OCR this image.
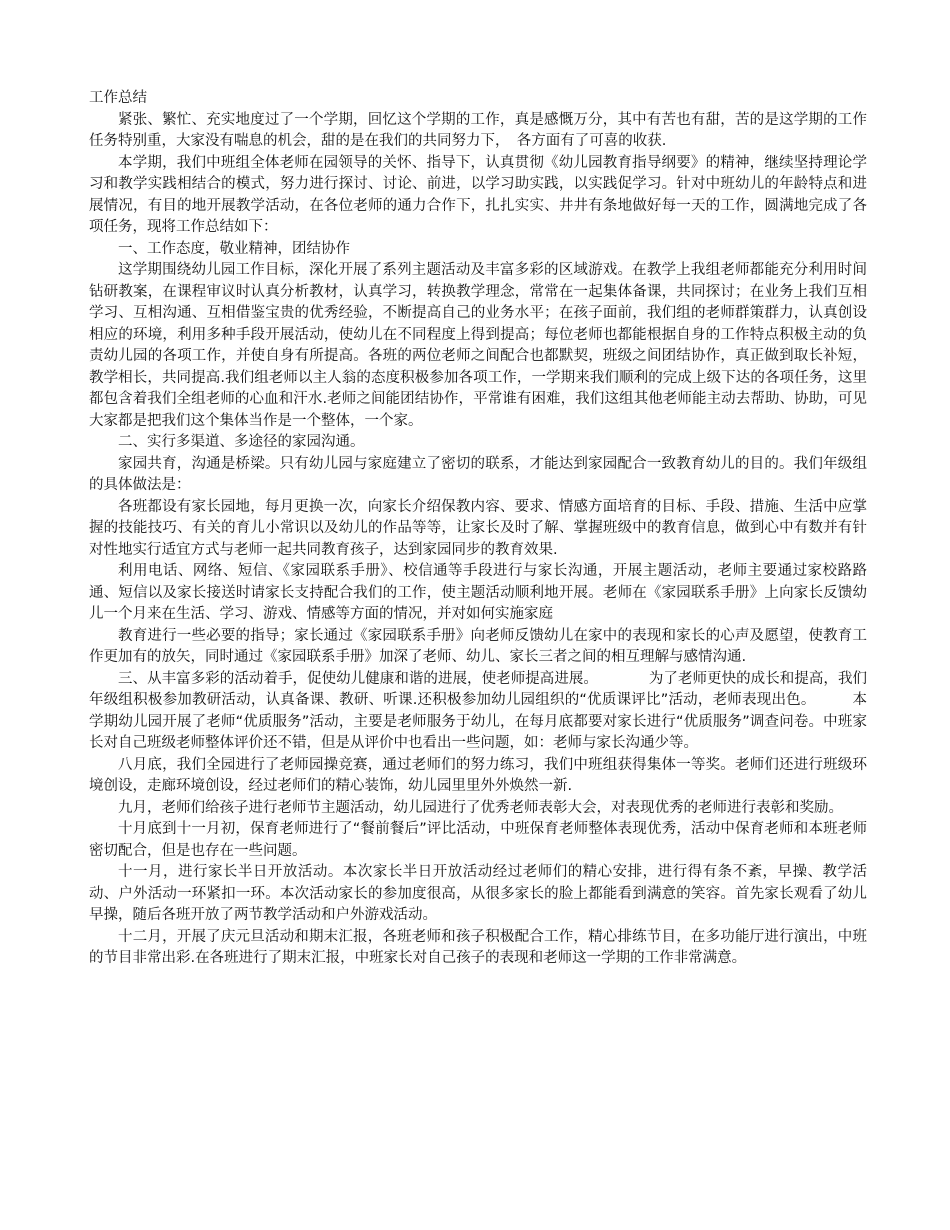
工作总结

紧张、繁忙、充实地度过了一个学期，回忆这个学期的工作，真是感慨万分，其中有苦也有甜，苦的是这学期的工作任务特别重，大家没有喘息的机会，甜的是在我们的共同努力下，　各方面有了可喜的收获.

本学期，我们中班组全体老师在园领导的关怀、指导下，认真贯彻《幼儿园教育指导纲要》的精神，继续坚持理论学习和教学实践相结合的模式，努力进行探讨、讨论、前进，以学习助实践，以实践促学习。针对中班幼儿的年龄特点和进展情况，有目的地开展教学活动，在各位老师的通力合作下，扎扎实实、井井有条地做好每一天的工作，圆满地完成了各项任务，现将工作总结如下：

一、工作态度，敬业精神，团结协作

这学期围绕幼儿园工作目标，深化开展了系列主题活动及丰富多彩的区域游戏。在教学上我组老师都能充分利用时间钻研教案，在课程审议时认真分析教材，认真学习，转换教学理念，常常在一起集体备课，共同探讨；在业务上我们互相学习、互相沟通、互相借鉴宝贵的优秀经验，不断提高自己的业务水平；在孩子面前，我们组的老师群策群力，认真创设相应的环境，利用多种手段开展活动，使幼儿在不同程度上得到提高；每位老师也都能根据自身的工作特点积极主动的负责幼儿园的各项工作，并使自身有所提高。各班的两位老师之间配合也都默契，班级之间团结协作，真正做到取长补短，教学相长，共同提高.我们组老师以主人翁的态度积极参加各项工作，一学期来我们顺利的完成上级下达的各项任务，这里都包含着我们全组老师的心血和汗水.老师之间能团结协作，平常谁有困难，我们这组其他老师能主动去帮助、协助，可见大家都是把我们这个集体当作是一个整体，一个家。

二、实行多渠道、多途径的家园沟通。

家园共育，沟通是桥梁。只有幼儿园与家庭建立了密切的联系，才能达到家园配合一致教育幼儿的目的。我们年级组的具体做法是：

各班都设有家长园地，每月更换一次，向家长介绍保教内容、要求、情感方面培育的目标、手段、措施、生活中应掌握的技能技巧、有关的育儿小常识以及幼儿的作品等等，让家长及时了解、掌握班级中的教育信息，做到心中有数并有针对性地实行适宜方式与老师一起共同教育孩子，达到家园同步的教育效果.

利用电话、网络、短信、《家园联系手册》、校信通等手段进行与家长沟通，开展主题活动，老师主要通过家校路路通、短信以及家长接送时请家长支持配合我们的工作，使主题活动顺利地开展。老师在《家园联系手册》上向家长反馈幼儿一个月来在生活、学习、游戏、情感等方面的情况，并对如何实施家庭

教育进行一些必要的指导；家长通过《家园联系手册》向老师反馈幼儿在家中的表现和家长的心声及愿望，使教育工作更加有的放矢，同时通过《家园联系手册》加深了老师、幼儿、家长三者之间的相互理解与感情沟通.

三、从丰富多彩的活动着手，促使幼儿健康和谐的进展，使老师提高进展。　　　　为了老师更快的成长和提高，我们年级组积极参加教研活动，认真备课、教研、听课.还积极参加幼儿园组织的“优质课评比”活动，老师表现出色。　　　本学期幼儿园开展了老师“优质服务”活动，主要是老师服务于幼儿，在每月底都要对家长进行“优质服务”调查问卷。中班家长对自己班级老师整体评价还不错，但是从评价中也看出一些问题，如：老师与家长沟通少等。

八月底，我们全园进行了老师园操竞赛，通过老师们的努力练习，我们中班组获得集体一等奖。老师们还进行班级环境创设，走廊环境创设，经过老师们的精心装饰，幼儿园里里外外焕然一新.

九月，老师们给孩子进行老师节主题活动，幼儿园进行了优秀老师表彰大会，对表现优秀的老师进行表彰和奖励。

十月底到十一月初，保育老师进行了“餐前餐后”评比活动，中班保育老师整体表现优秀，活动中保育老师和本班老师密切配合，但是也存在一些问题。

十一月，进行家长半日开放活动。本次家长半日开放活动经过老师们的精心安排，进行得有条不紊，早操、教学活动、户外活动一环紧扣一环。本次活动家长的参加度很高，从很多家长的脸上都能看到满意的笑容。首先家长观看了幼儿早操，随后各班开放了两节教学活动和户外游戏活动。

十二月，开展了庆元旦活动和期末汇报，各班老师和孩子积极配合工作，精心排练节目，在多功能厅进行演出，中班的节目非常出彩.在各班进行了期末汇报，中班家长对自己孩子的表现和老师这一学期的工作非常满意。
